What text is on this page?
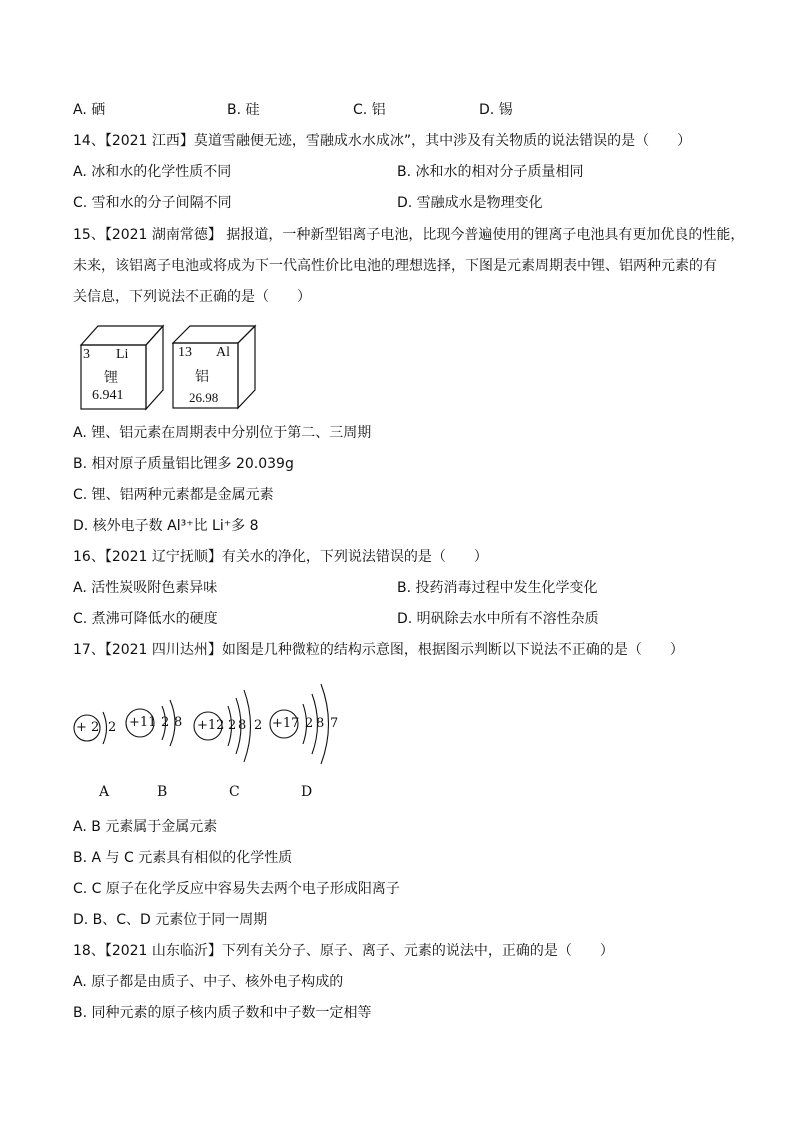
A. 硒	B. 硅	C. 铝	D. 锡
14、【2021 江西】莫道雪融便无迹，雪融成水水成冰”，其中涉及有关物质的说法错误的是（　　）
A. 冰和水的化学性质不同	B. 冰和水的相对分子质量相同
C. 雪和水的分子间隔不同	D. 雪融成水是物理变化
15、【2021 湖南常德】 据报道，一种新型铝离子电池，比现今普遍使用的锂离子电池具有更加优良的性能，
未来，该铝离子电池或将成为下一代高性价比电池的理想选择，下图是元素周期表中锂、铝两种元素的有
关信息，下列说法不正确的是（　　）
3 Li
锂
6.941
13 Al
铝
26.98
A. 锂、铝元素在周期表中分别位于第二、三周期
B. 相对原子质量铝比锂多 20.039g
C. 锂、铝两种元素都是金属元素
D. 核外电子数 Al³⁺比 Li⁺多 8
16、【2021 辽宁抚顺】有关水的净化，下列说法错误的是（　　）
A. 活性炭吸附色素异味	B. 投药消毒过程中发生化学变化
C. 煮沸可降低水的硬度	D. 明矾除去水中所有不溶性杂质
17、【2021 四川达州】如图是几种微粒的结构示意图，根据图示判断以下说法不正确的是（　　）
+ 2 2 +11 2 8 +12 2 8 2 +17 2 8 7
A	B	C	D
A. B 元素属于金属元素
B. A 与 C 元素具有相似的化学性质
C. C 原子在化学反应中容易失去两个电子形成阳离子
D. B、C、D 元素位于同一周期
18、【2021 山东临沂】下列有关分子、原子、离子、元素的说法中，正确的是（　　）
A. 原子都是由质子、中子、核外电子构成的
B. 同种元素的原子核内质子数和中子数一定相等
